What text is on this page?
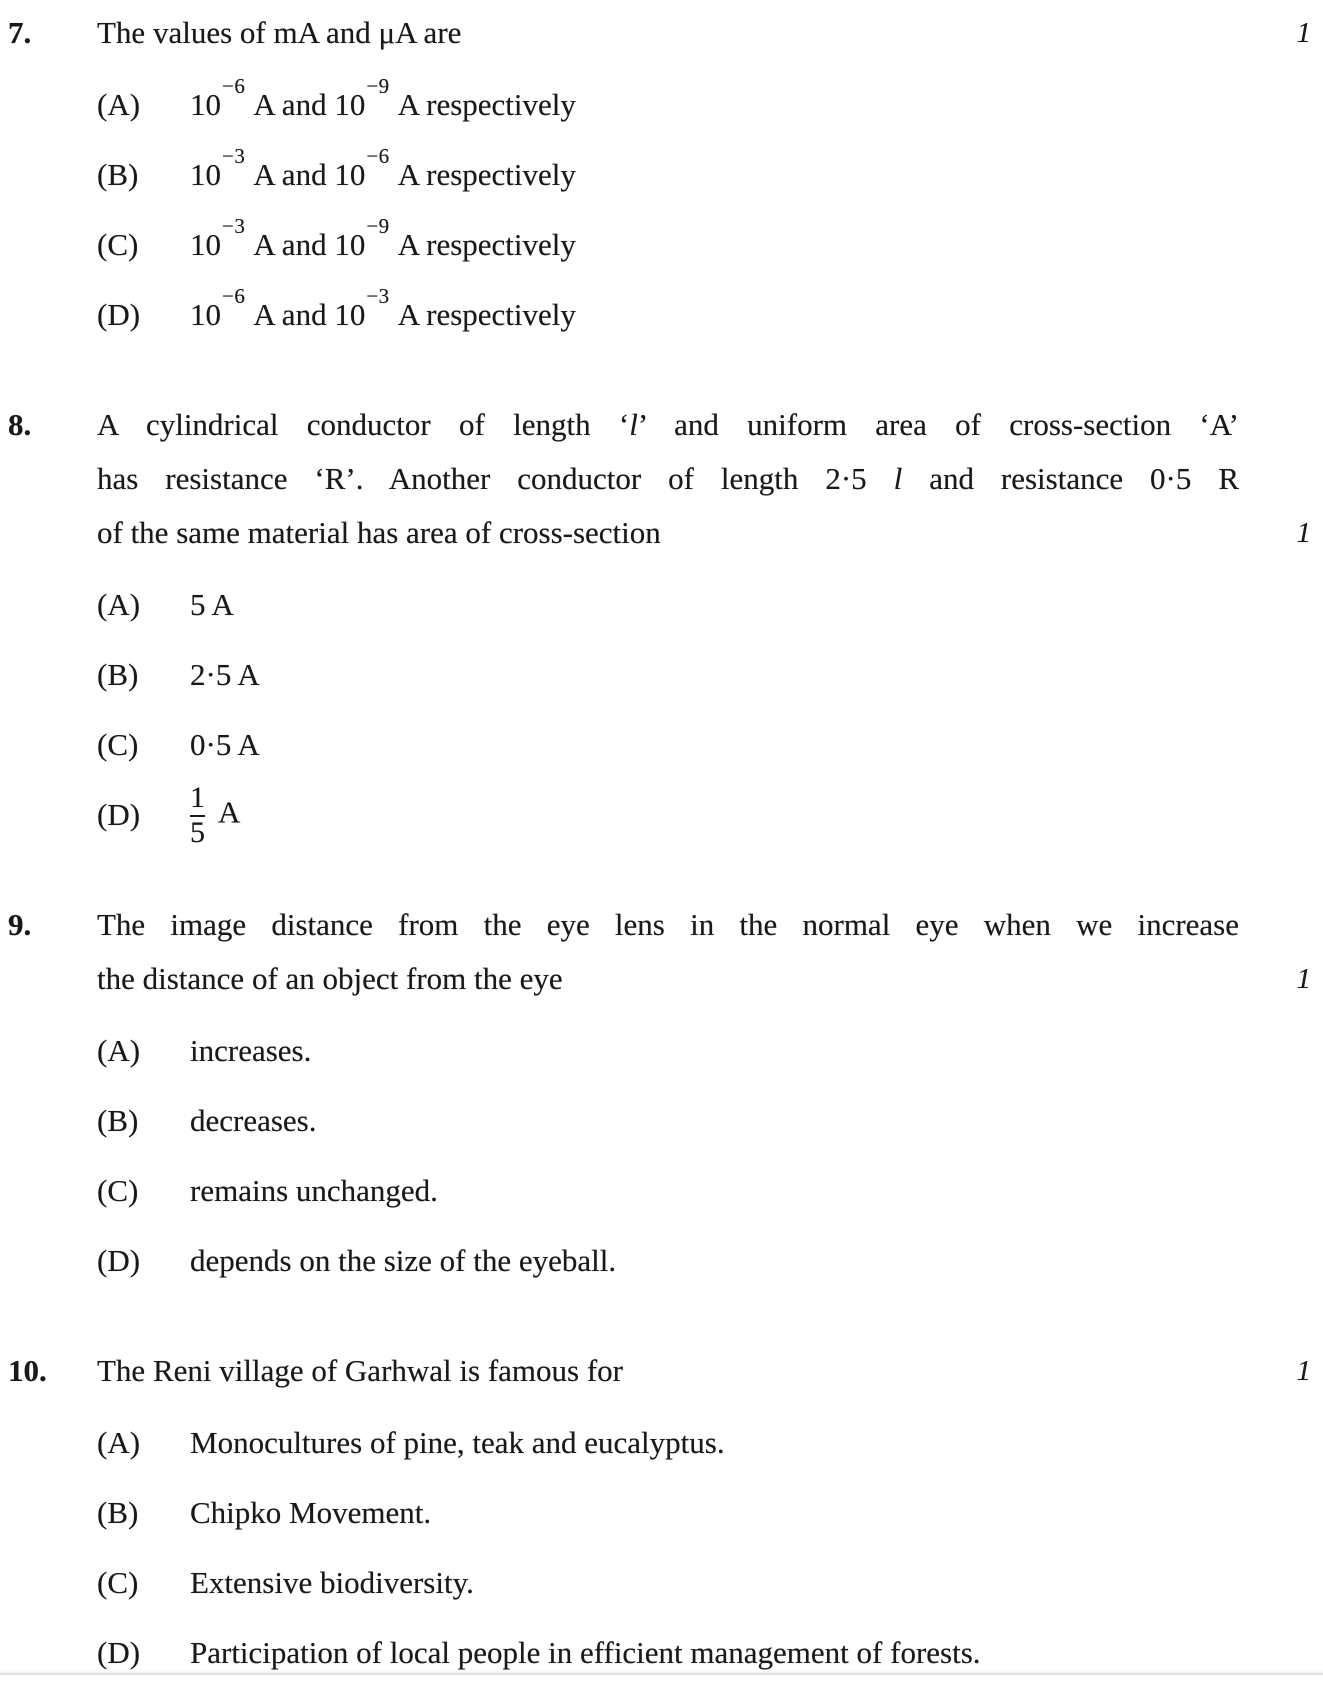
7.	The values of mA and μA are	1
(A)	$10^{-6}$ A and $10^{-9}$ A respectively
(B)	$10^{-3}$ A and $10^{-6}$ A respectively
(C)	$10^{-3}$ A and $10^{-9}$ A respectively
(D)	$10^{-6}$ A and $10^{-3}$ A respectively
8.	A cylindrical conductor of length ‘l’ and uniform area of cross-section ‘A’
has resistance ‘R’. Another conductor of length 2·5 l and resistance 0·5 R
of the same material has area of cross-section	1
(A)	5 A
(B)	2·5 A
(C)	0·5 A
(D)	$\frac{1}{5}$ A
9.	The image distance from the eye lens in the normal eye when we increase
the distance of an object from the eye	1
(A)	increases.
(B)	decreases.
(C)	remains unchanged.
(D)	depends on the size of the eyeball.
10.	The Reni village of Garhwal is famous for	1
(A)	Monocultures of pine, teak and eucalyptus.
(B)	Chipko Movement.
(C)	Extensive biodiversity.
(D)	Participation of local people in efficient management of forests.
